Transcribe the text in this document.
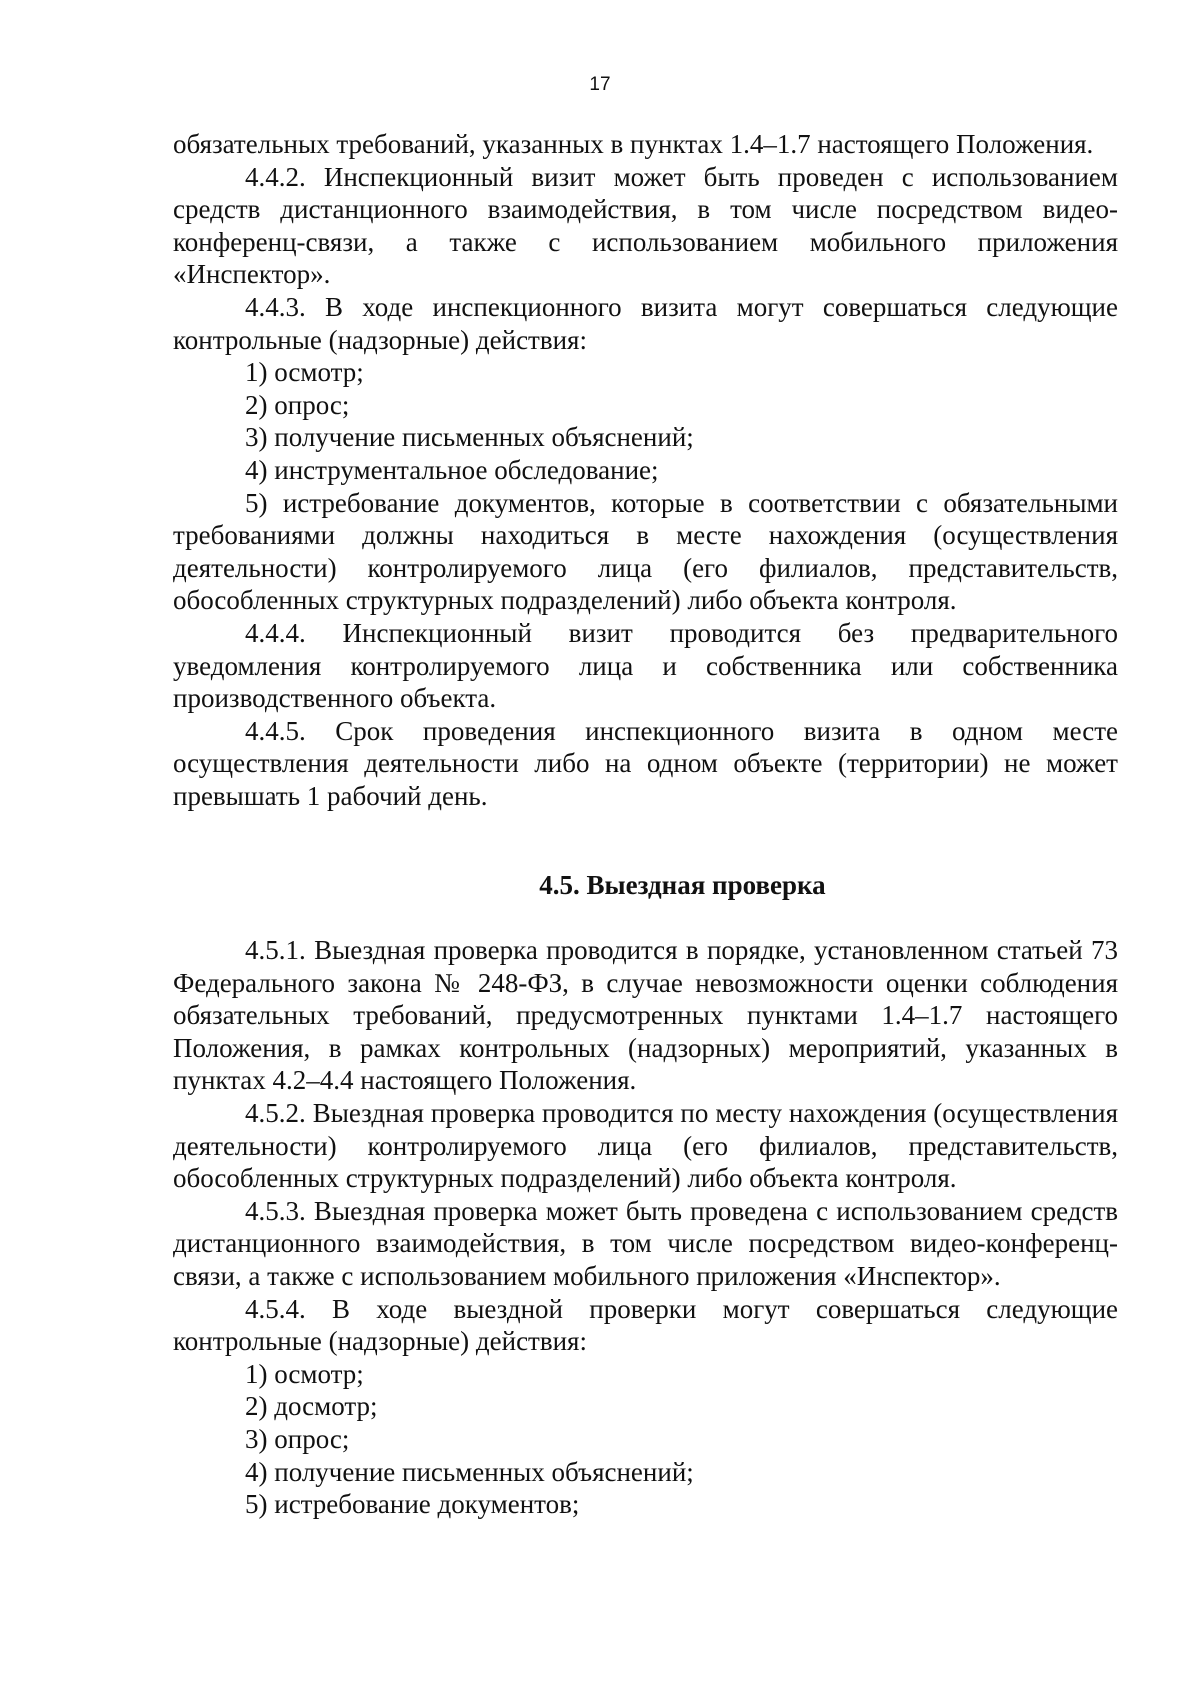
17

обязательных требований, указанных в пунктах 1.4–1.7 настоящего Положения.

4.4.2. Инспекционный визит может быть проведен с использованием средств дистанционного взаимодействия, в том числе посредством видео-конференц-связи, а также с использованием мобильного приложения «Инспектор».

4.4.3. В ходе инспекционного визита могут совершаться следующие контрольные (надзорные) действия:

1) осмотр;

2) опрос;

3) получение письменных объяснений;

4) инструментальное обследование;

5) истребование документов, которые в соответствии с обязательными требованиями должны находиться в месте нахождения (осуществления деятельности) контролируемого лица (его филиалов, представительств, обособленных структурных подразделений) либо объекта контроля.

4.4.4. Инспекционный визит проводится без предварительного уведомления контролируемого лица и собственника или собственника производственного объекта.

4.4.5. Срок проведения инспекционного визита в одном месте осуществления деятельности либо на одном объекте (территории) не может превышать 1 рабочий день.

4.5. Выездная проверка

4.5.1. Выездная проверка проводится в порядке, установленном статьей 73 Федерального закона № 248-ФЗ, в случае невозможности оценки соблюдения обязательных требований, предусмотренных пунктами 1.4–1.7 настоящего Положения, в рамках контрольных (надзорных) мероприятий, указанных в пунктах 4.2–4.4 настоящего Положения.

4.5.2. Выездная проверка проводится по месту нахождения (осуществления деятельности) контролируемого лица (его филиалов, представительств, обособленных структурных подразделений) либо объекта контроля.

4.5.3. Выездная проверка может быть проведена с использованием средств дистанционного взаимодействия, в том числе посредством видео-конференц-связи, а также с использованием мобильного приложения «Инспектор».

4.5.4. В ходе выездной проверки могут совершаться следующие контрольные (надзорные) действия:

1) осмотр;

2) досмотр;

3) опрос;

4) получение письменных объяснений;

5) истребование документов;
